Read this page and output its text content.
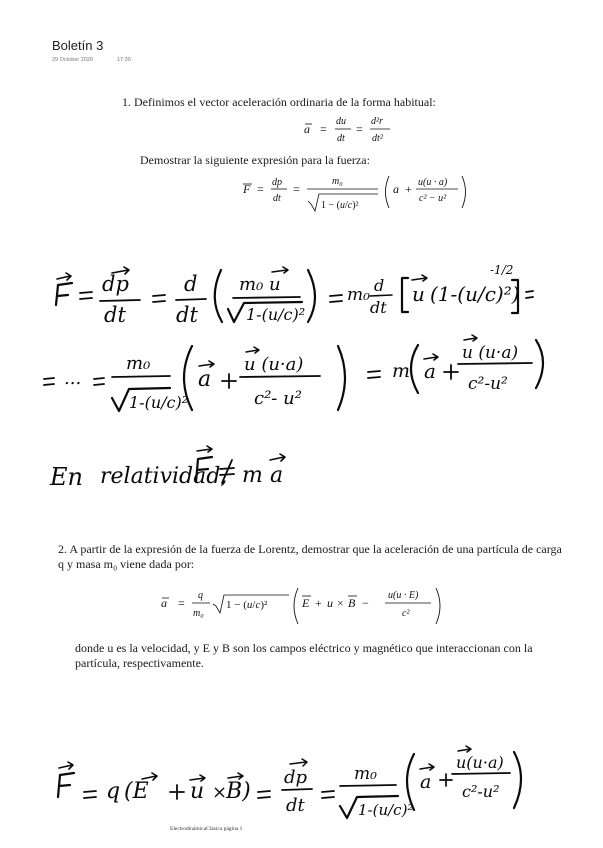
Boletín 3
29 October 2020	17:30
1. Definimos el vector aceleración ordinaria de la forma habitual:
Demostrar la siguiente expresión para la fuerza:
2. A partir de la expresión de la fuerza de Lorentz, demostrar que la aceleración de una partícula de carga q y masa m₀ viene dada por:
donde u es la velocidad, y E y B son los campos eléctrico y magnético que interaccionan con la partícula, respectivamente.
ElectrodinámicaClásica página 1
a =
du
dt
=
d²r
dt²
F = dp
dt
=
m₀
1 − (u/c)²
a + u(u · a)
c² − u²
dp
dt
d
dt
m₀ u
1-(u/c)²
m₀ d
dt
u (1-(u/c)²)
-1/2
...
m₀
1-(u/c)²
a
u (u·a)
c²- u²
m a
u (u·a)
c²-u²
En relatividad, m a
a =
q
m₀
1 − (u/c)²	E + u × B −
u(u · E)
c²
q (E u ×
B)
dp
dt
m₀
1-(u/c)²
a
u(u·a)
c²-u²
